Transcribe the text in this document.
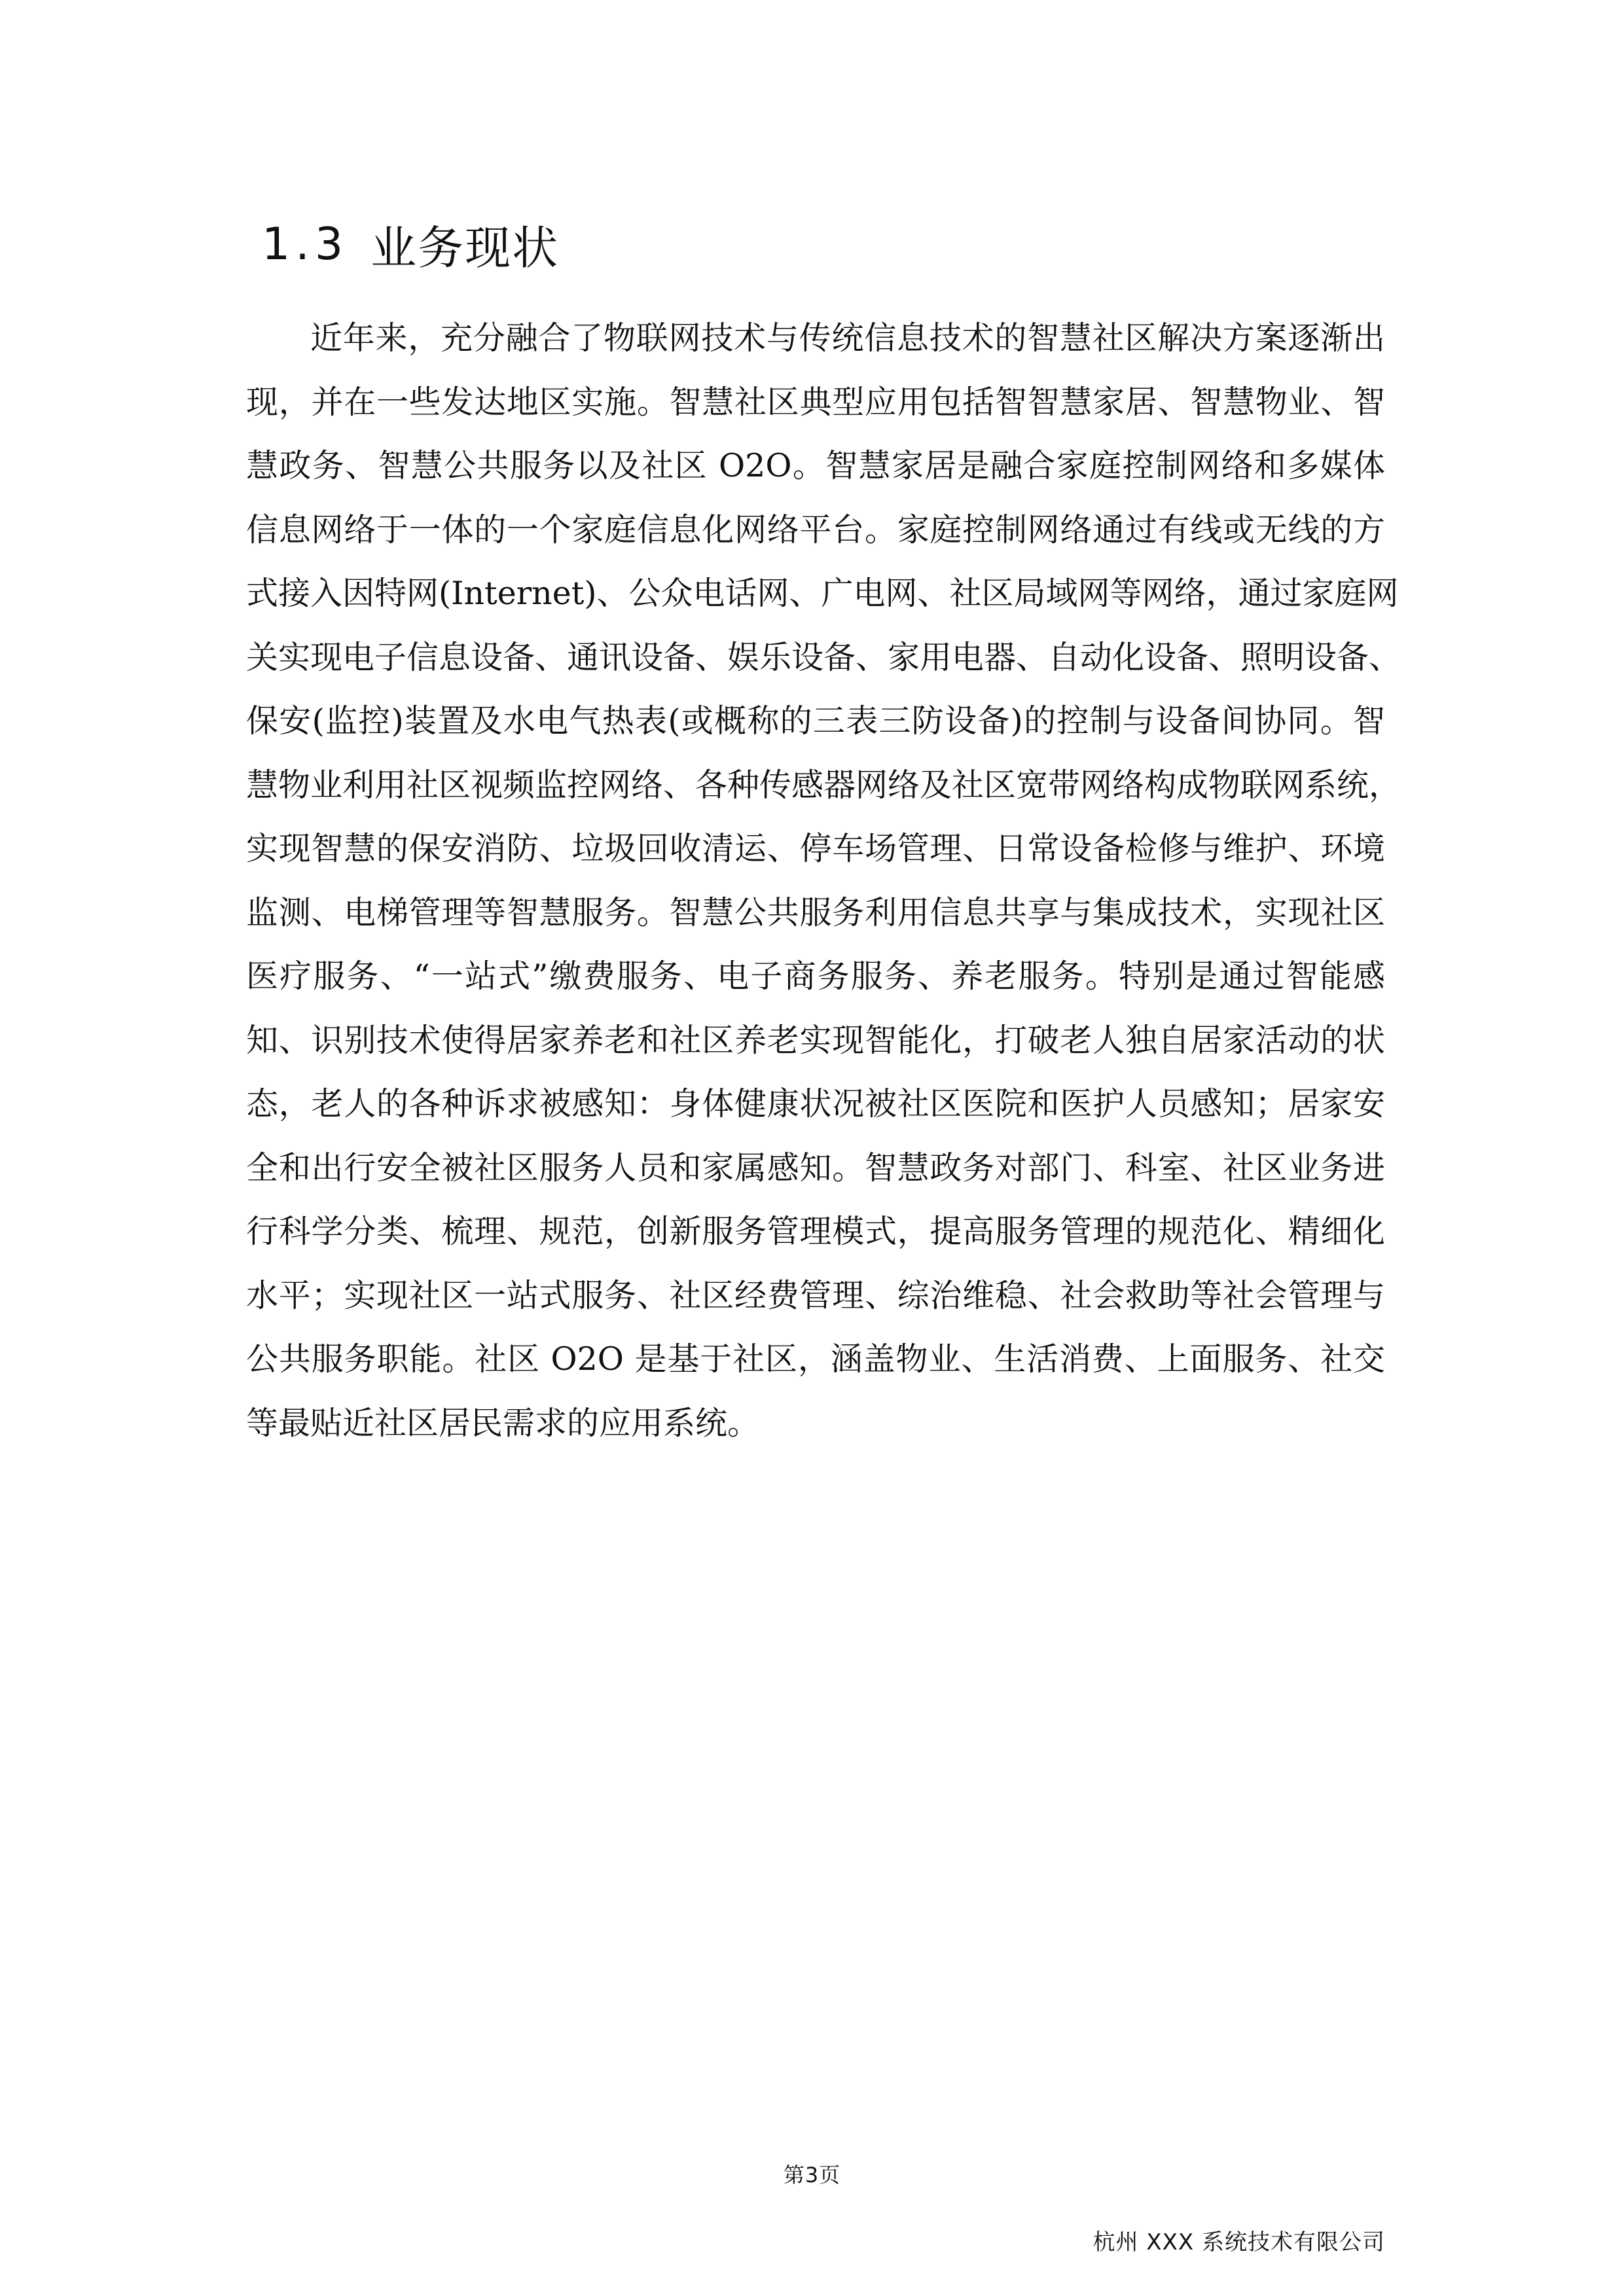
1.3 业务现状

近年来，充分融合了物联网技术与传统信息技术的智慧社区解决方案逐渐出
现，并在一些发达地区实施。智慧社区典型应用包括智智慧家居、智慧物业、智
慧政务、智慧公共服务以及社区 O2O。智慧家居是融合家庭控制网络和多媒体
信息网络于一体的一个家庭信息化网络平台。家庭控制网络通过有线或无线的方
式接入因特网(Internet)、公众电话网、广电网、社区局域网等网络，通过家庭网
关实现电子信息设备、通讯设备、娱乐设备、家用电器、自动化设备、照明设备、
保安(监控)装置及水电气热表(或概称的三表三防设备)的控制与设备间协同。智
慧物业利用社区视频监控网络、各种传感器网络及社区宽带网络构成物联网系统，
实现智慧的保安消防、垃圾回收清运、停车场管理、日常设备检修与维护、环境
监测、电梯管理等智慧服务。智慧公共服务利用信息共享与集成技术，实现社区
医疗服务、“一站式”缴费服务、电子商务服务、养老服务。特别是通过智能感
知、识别技术使得居家养老和社区养老实现智能化，打破老人独自居家活动的状
态，老人的各种诉求被感知：身体健康状况被社区医院和医护人员感知；居家安
全和出行安全被社区服务人员和家属感知。智慧政务对部门、科室、社区业务进
行科学分类、梳理、规范，创新服务管理模式，提高服务管理的规范化、精细化
水平；实现社区一站式服务、社区经费管理、综治维稳、社会救助等社会管理与
公共服务职能。社区 O2O 是基于社区，涵盖物业、生活消费、上面服务、社交
等最贴近社区居民需求的应用系统。

第3页
杭州 XXX 系统技术有限公司
